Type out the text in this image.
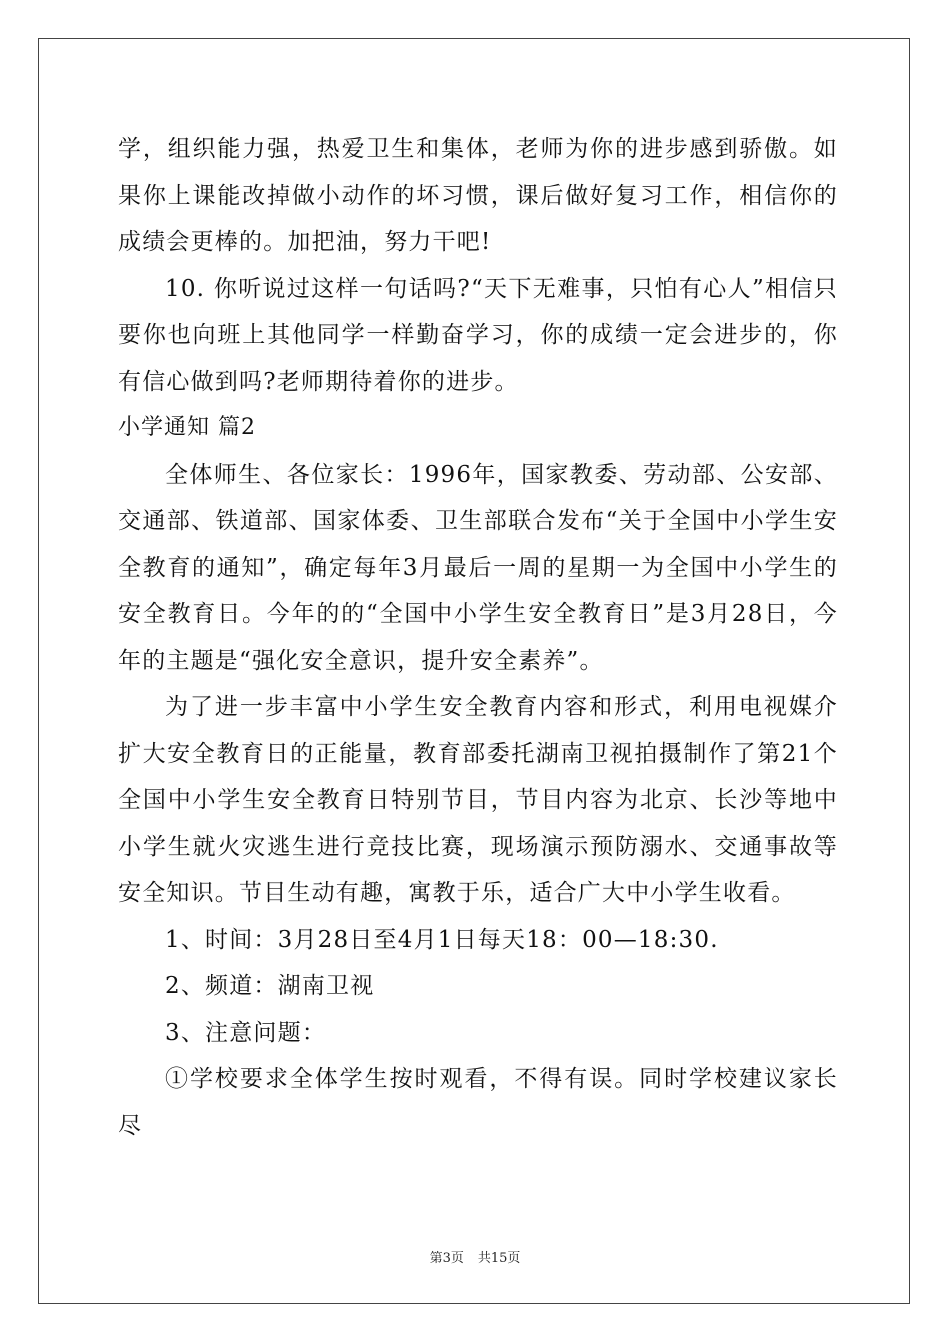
学，组织能力强，热爱卫生和集体，老师为你的进步感到骄傲。如果你上课能改掉做小动作的坏习惯，课后做好复习工作，相信你的成绩会更棒的。加把油，努力干吧!

10. 你听说过这样一句话吗?“天下无难事，只怕有心人”相信只要你也向班上其他同学一样勤奋学习，你的成绩一定会进步的，你有信心做到吗?老师期待着你的进步。

小学通知 篇2

全体师生、各位家长：1996年，国家教委、劳动部、公安部、交通部、铁道部、国家体委、卫生部联合发布“关于全国中小学生安全教育的通知”，确定每年3月最后一周的星期一为全国中小学生的安全教育日。今年的的“全国中小学生安全教育日”是3月28日，今年的主题是“强化安全意识，提升安全素养”。

为了进一步丰富中小学生安全教育内容和形式，利用电视媒介扩大安全教育日的正能量，教育部委托湖南卫视拍摄制作了第21个全国中小学生安全教育日特别节目，节目内容为北京、长沙等地中小学生就火灾逃生进行竞技比赛，现场演示预防溺水、交通事故等安全知识。节目生动有趣，寓教于乐，适合广大中小学生收看。

1、时间：3月28日至4月1日每天18：00—18:30.

2、频道：湖南卫视

3、注意问题：

①学校要求全体学生按时观看，不得有误。同时学校建议家长尽

第3页 共15页
